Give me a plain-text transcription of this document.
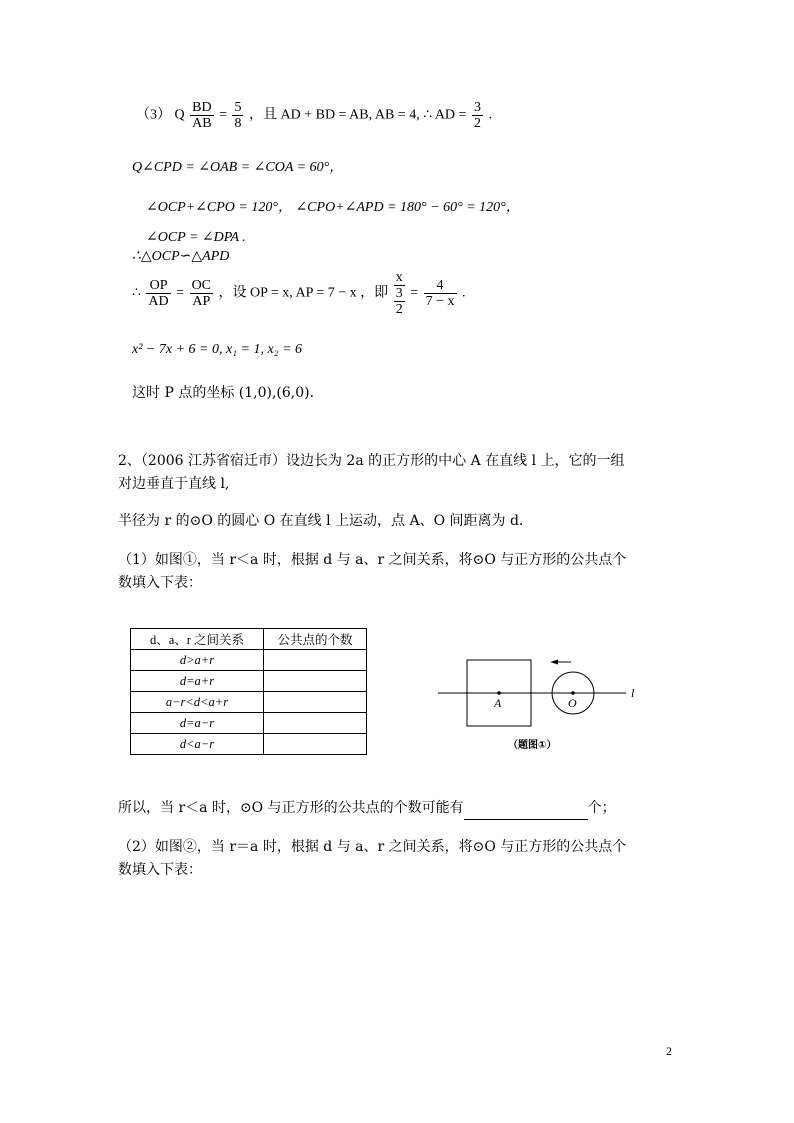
（3） Q $\frac{BD}{AB} = \frac{5}{8}$ ，且 AD + BD = AB, AB = 4, ∴ AD = $\frac{3}{2}$ .
Q∠CPD = ∠OAB = ∠COA = 60°，
∠OCP+∠CPO = 120°， ∠CPO+∠APD = 180° − 60° = 120°，
∠OCP = ∠DPA .
∴△OCP∽△APD
∴ $\frac{OP}{AD} = \frac{OC}{AP}$ ，设 OP = x, AP = 7 − x ，即 $\frac{x}{\frac{3}{2}} = \frac{4}{7 - x}$ .
x² − 7x + 6 = 0, x₁ = 1, x₂ = 6
这时 P 点的坐标 (1,0),(6,0).
2、（2006 江苏省宿迁市）设边长为 2a 的正方形的中心 A 在直线 l 上，它的一组
对边垂直于直线 l,
半径为 r 的⊙O 的圆心 O 在直线 l 上运动，点 A、O 间距离为 d.
（1）如图①，当 r＜a 时，根据 d 与 a、r 之间关系，将⊙O 与正方形的公共点个
数填入下表：
d、a、r 之间关系	公共点的个数
d>a+r	
d=a+r	
a−r<d<a+r	
d=a−r	
d<a−r	
A	O
l
（题图①）
所以，当 r＜a 时，⊙O 与正方形的公共点的个数可能有	个；
（2）如图②，当 r＝a 时，根据 d 与 a、r 之间关系，将⊙O 与正方形的公共点个
数填入下表：
2
